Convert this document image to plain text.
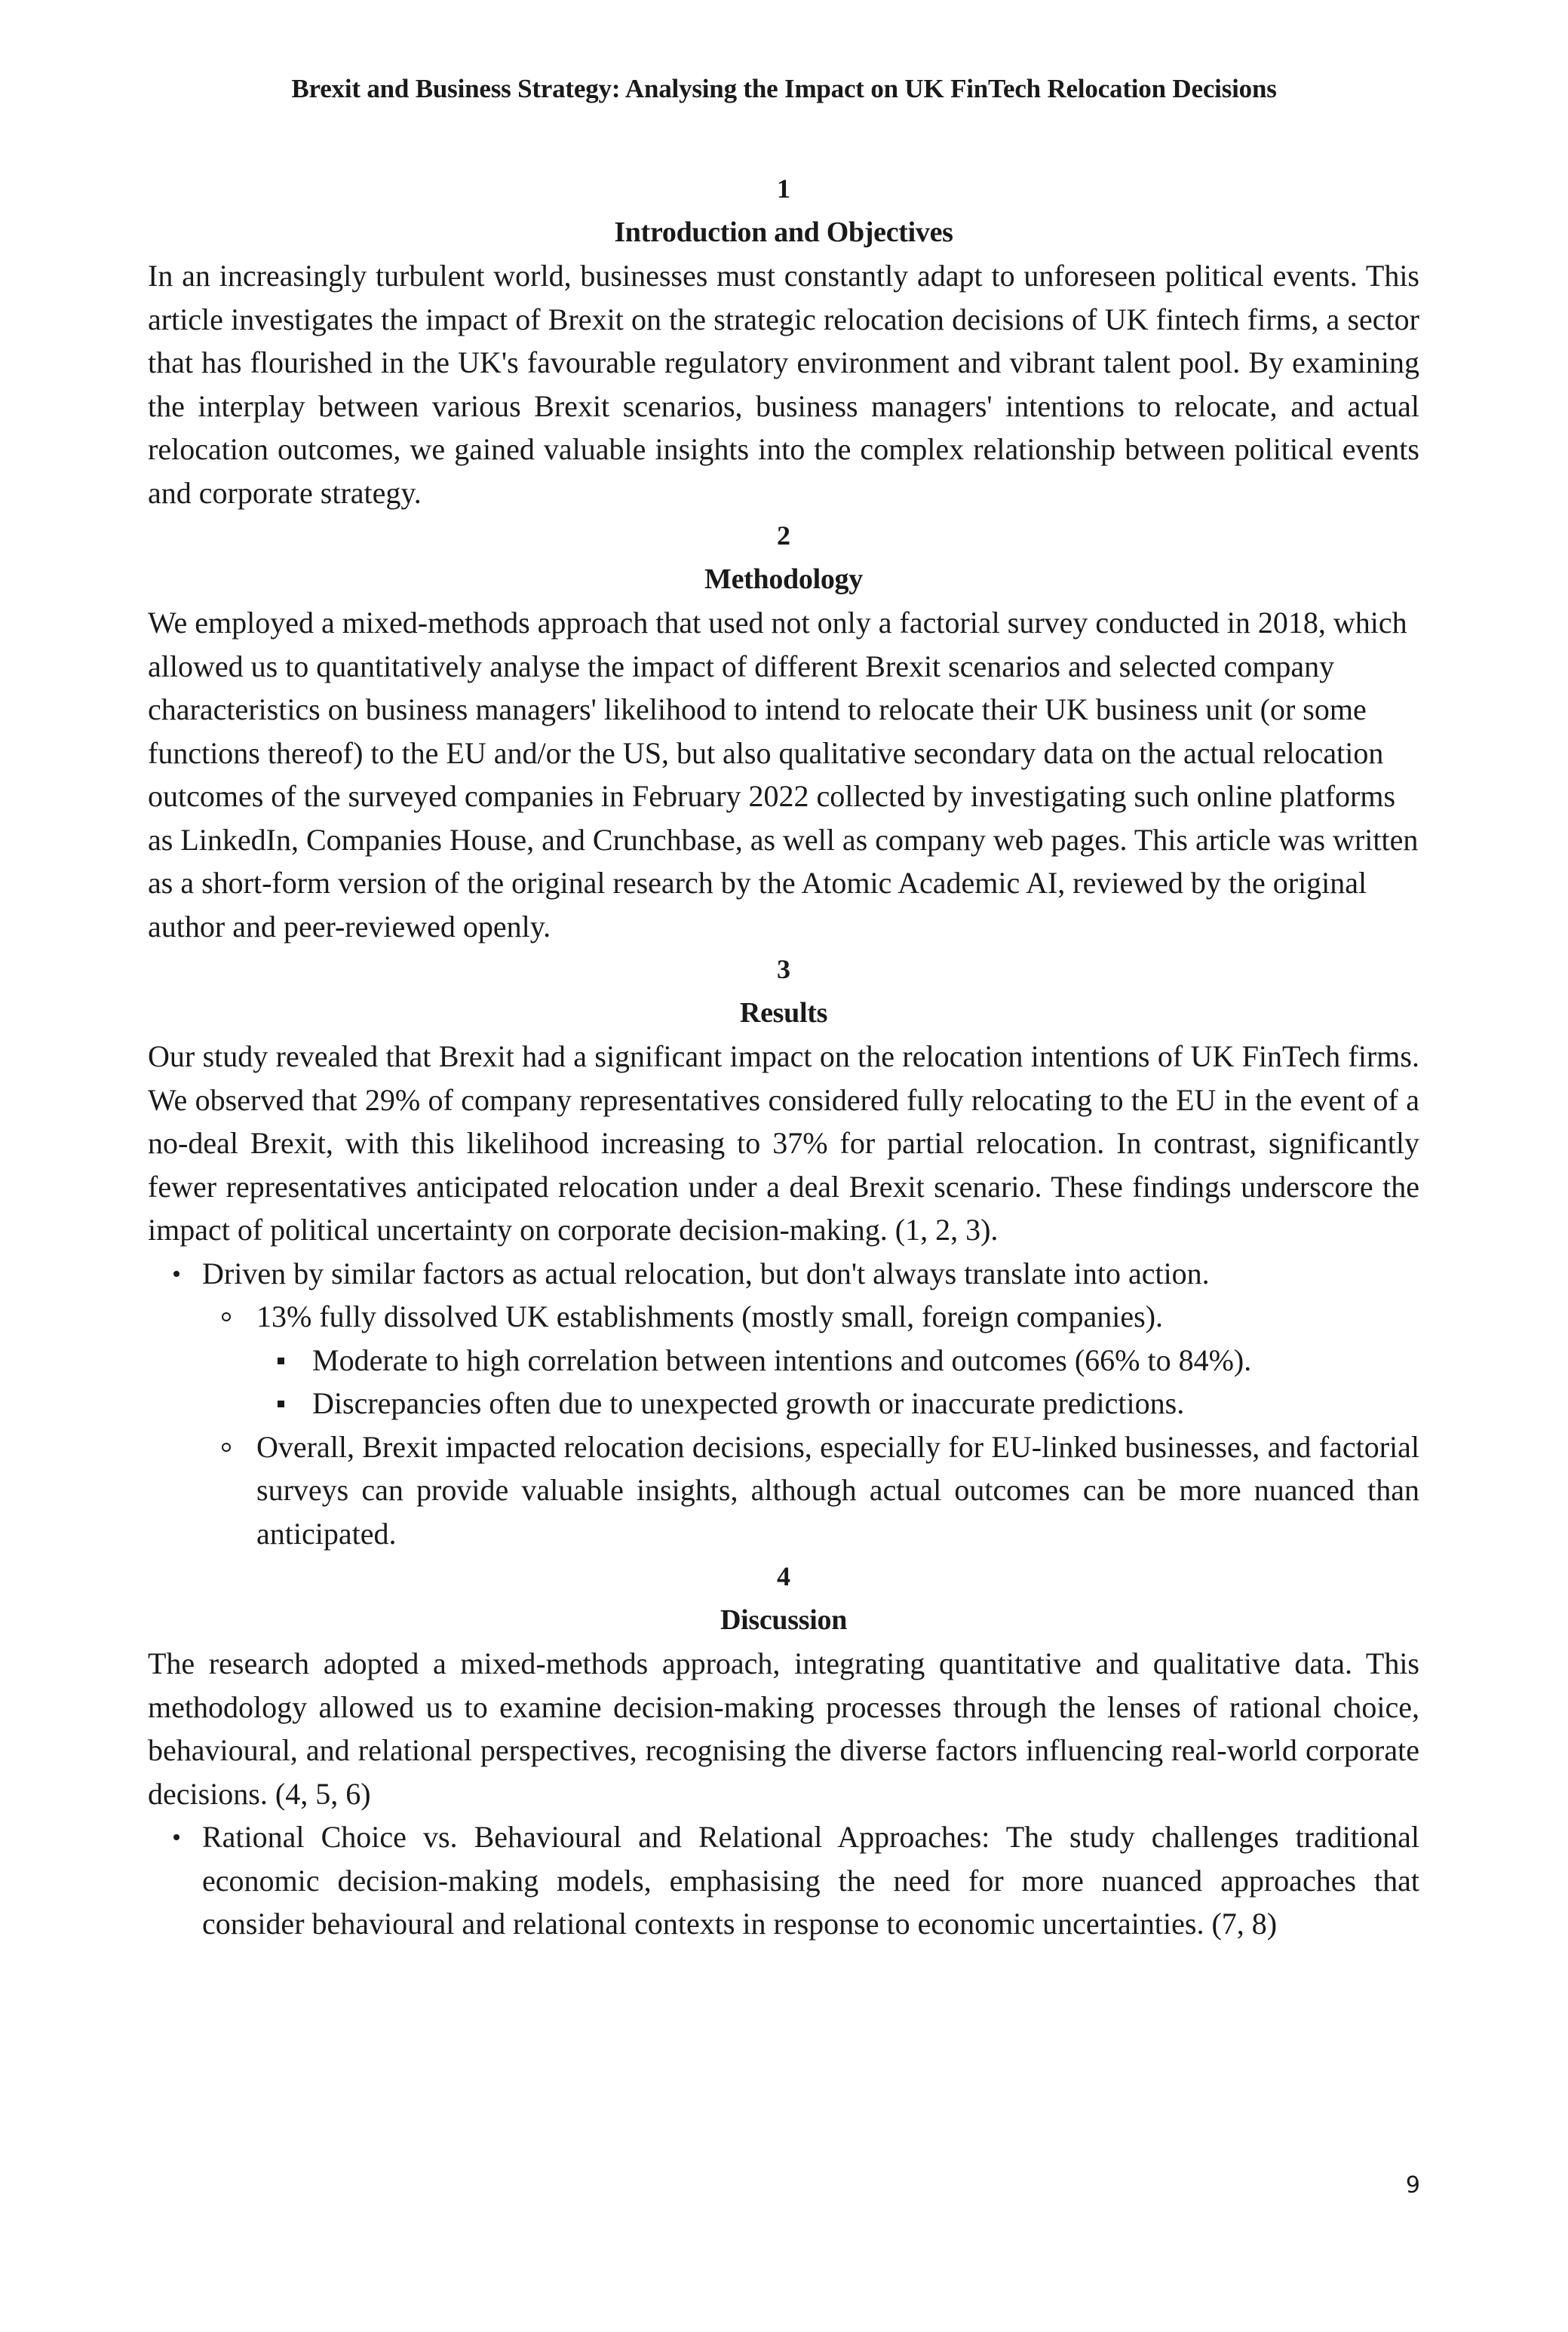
Brexit and Business Strategy: Analysing the Impact on UK FinTech Relocation Decisions
1
Introduction and Objectives

In an increasingly turbulent world, businesses must constantly adapt to unforeseen political events. This article investigates the impact of Brexit on the strategic relocation decisions of UK fintech firms, a sector that has flourished in the UK's favourable regulatory environment and vibrant talent pool. By examining the interplay between various Brexit scenarios, business managers' intentions to relocate, and actual relocation outcomes, we gained valuable insights into the complex relationship between political events and corporate strategy.

2
Methodology

We employed a mixed-methods approach that used not only a factorial survey conducted in 2018, which allowed us to quantitatively analyse the impact of different Brexit scenarios and selected company characteristics on business managers' likelihood to intend to relocate their UK business unit (or some functions thereof) to the EU and/or the US, but also qualitative secondary data on the actual relocation outcomes of the surveyed companies in February 2022 collected by investigating such online platforms as LinkedIn, Companies House, and Crunchbase, as well as company web pages. This article was written as a short-form version of the original research by the Atomic Academic AI, reviewed by the original author and peer-reviewed openly.

3
Results

Our study revealed that Brexit had a significant impact on the relocation intentions of UK FinTech firms. We observed that 29% of company representatives considered fully relocating to the EU in the event of a no-deal Brexit, with this likelihood increasing to 37% for partial relocation. In contrast, significantly fewer representatives anticipated relocation under a deal Brexit scenario. These findings underscore the impact of political uncertainty on corporate decision-making. (1, 2, 3).

Driven by similar factors as actual relocation, but don't always translate into action.
13% fully dissolved UK establishments (mostly small, foreign companies).
Moderate to high correlation between intentions and outcomes (66% to 84%).
Discrepancies often due to unexpected growth or inaccurate predictions.
Overall, Brexit impacted relocation decisions, especially for EU-linked businesses, and factorial surveys can provide valuable insights, although actual outcomes can be more nuanced than anticipated.
4
Discussion

The research adopted a mixed-methods approach, integrating quantitative and qualitative data. This methodology allowed us to examine decision-making processes through the lenses of rational choice, behavioural, and relational perspectives, recognising the diverse factors influencing real-world corporate decisions. (4, 5, 6)

Rational Choice vs. Behavioural and Relational Approaches: The study challenges traditional economic decision-making models, emphasising the need for more nuanced approaches that consider behavioural and relational contexts in response to economic uncertainties. (7, 8)
9
